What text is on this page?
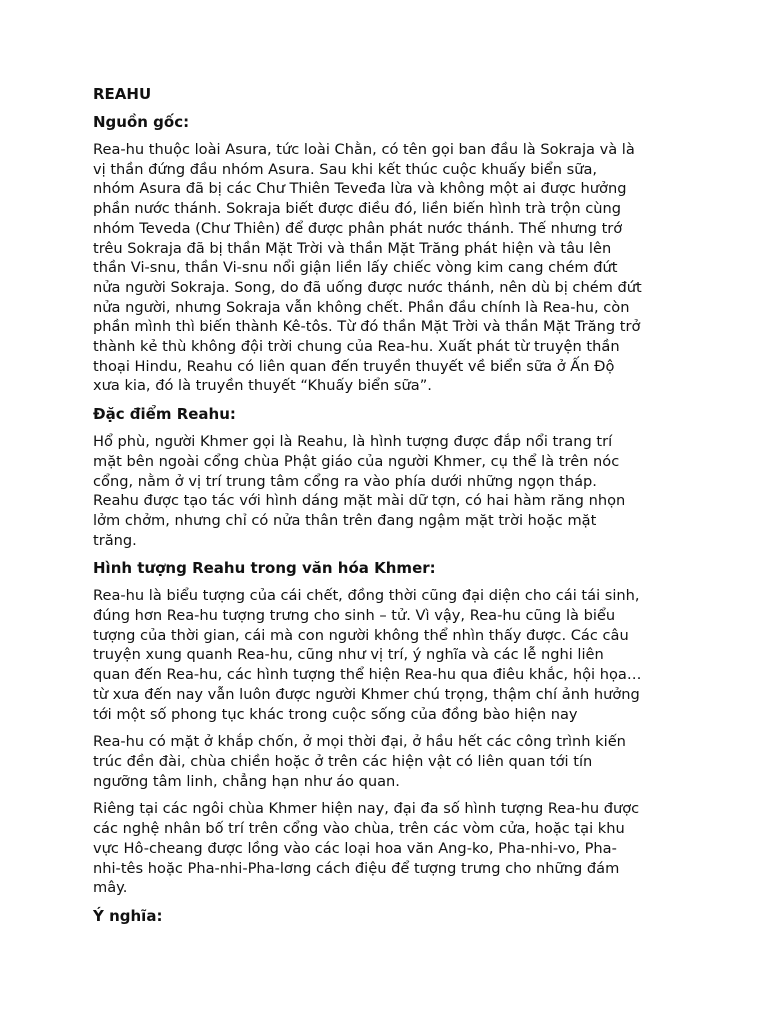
REAHU
Nguồn gốc:
Rea-hu thuộc loài Asura, tức loài Chằn, có tên gọi ban đầu là Sokraja và là
vị thần đứng đầu nhóm Asura. Sau khi kết thúc cuộc khuấy biển sữa,
nhóm Asura đã bị các Chư Thiên Teveđa lừa và không một ai được hưởng
phần nước thánh. Sokraja biết được điều đó, liền biến hình trà trộn cùng
nhóm Teveda (Chư Thiên) để được phân phát nước thánh. Thế nhưng trớ
trêu Sokraja đã bị thần Mặt Trời và thần Mặt Trăng phát hiện và tâu lên
thần Vi-snu, thần Vi-snu nổi giận liền lấy chiếc vòng kim cang chém đứt
nửa người Sokraja. Song, do đã uống được nước thánh, nên dù bị chém đứt
nửa người, nhưng Sokraja vẫn không chết. Phần đầu chính là Rea-hu, còn
phần mình thì biến thành Kê-tôs. Từ đó thần Mặt Trời và thần Mặt Trăng trở
thành kẻ thù không đội trời chung của Rea-hu. Xuất phát từ truyện thần
thoại Hindu, Reahu có liên quan đến truyền thuyết về biển sữa ở Ấn Độ
xưa kia, đó là truyền thuyết “Khuấy biển sữa”.
Đặc điểm Reahu:
Hổ phù, người Khmer gọi là Reahu, là hình tượng được đắp nổi trang trí
mặt bên ngoài cổng chùa Phật giáo của người Khmer, cụ thể là trên nóc
cổng, nằm ở vị trí trung tâm cổng ra vào phía dưới những ngọn tháp.
Reahu được tạo tác với hình dáng mặt mài dữ tợn, có hai hàm răng nhọn
lởm chởm, nhưng chỉ có nửa thân trên đang ngậm mặt trời hoặc mặt
trăng.
Hình tượng Reahu trong văn hóa Khmer:
Rea-hu là biểu tượng của cái chết, đồng thời cũng đại diện cho cái tái sinh,
đúng hơn Rea-hu tượng trưng cho sinh – tử. Vì vậy, Rea-hu cũng là biểu
tượng của thời gian, cái mà con người không thể nhìn thấy được. Các câu
truyện xung quanh Rea-hu, cũng như vị trí, ý nghĩa và các lễ nghi liên
quan đến Rea-hu, các hình tượng thể hiện Rea-hu qua điêu khắc, hội họa…
từ xưa đến nay vẫn luôn được người Khmer chú trọng, thậm chí ảnh hưởng
tới một số phong tục khác trong cuộc sống của đồng bào hiện nay
Rea-hu có mặt ở khắp chốn, ở mọi thời đại, ở hầu hết các công trình kiến
trúc đền đài, chùa chiền hoặc ở trên các hiện vật có liên quan tới tín
ngưỡng tâm linh, chẳng hạn như áo quan.
Riêng tại các ngôi chùa Khmer hiện nay, đại đa số hình tượng Rea-hu được
các nghệ nhân bố trí trên cổng vào chùa, trên các vòm cửa, hoặc tại khu
vực Hô-cheang được lồng vào các loại hoa văn Ang-ko, Pha-nhi-vo, Pha-
nhi-tês hoặc Pha-nhi-Pha-lơng cách điệu để tượng trưng cho những đám
mây.
Ý nghĩa:
